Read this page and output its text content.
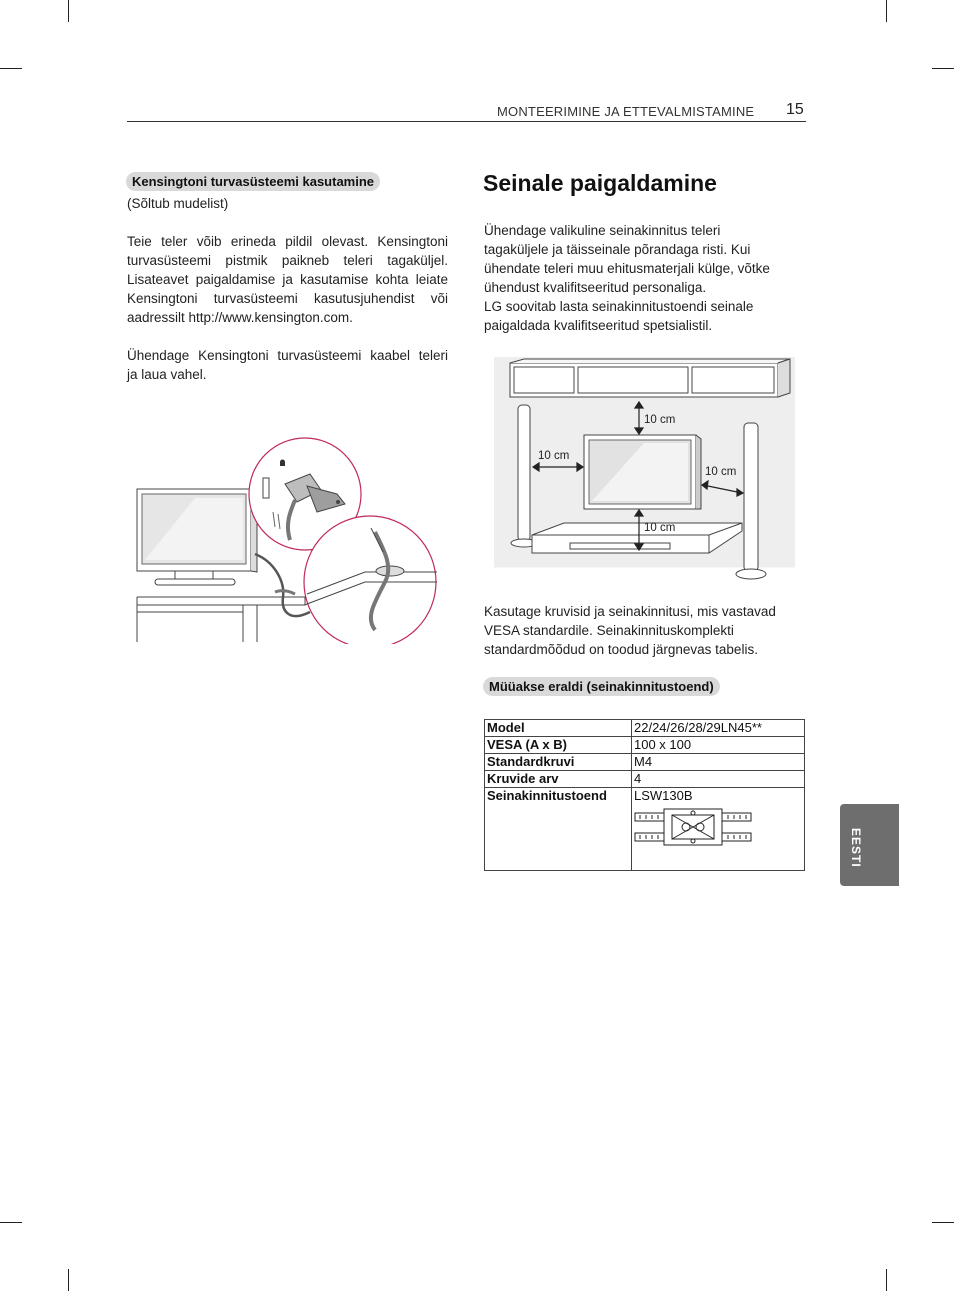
MONTEERIMINE JA ETTEVALMISTAMINE 15
Kensingtoni turvasüsteemi kasutamine
(Sõltub mudelist)
Teie teler võib erineda pildil olevast. Kensingtoni
turvasüsteemi pistmik paikneb teleri tagaküljel.
Lisateavet paigaldamise ja kasutamise kohta leiate
Kensingtoni turvasüsteemi kasutusjuhendist või
aadressilt http://www.kensington.com.
Ühendage Kensingtoni turvasüsteemi kaabel teleri
ja laua vahel.
Seinale paigaldamine
Ühendage valikuline seinakinnitus teleri
tagaküljele ja täisseinale põrandaga risti. Kui
ühendate teleri muu ehitusmaterjali külge, võtke
ühendust kvalifitseeritud personaliga.
LG soovitab lasta seinakinnitustoendi seinale
paigaldada kvalifitseeritud spetsialistil.
10 cm
10 cm
10 cm
10 cm
Kasutage kruvisid ja seinakinnitusi, mis vastavad
VESA standardile. Seinakinnituskomplekti
standardmõõdud on toodud järgnevas tabelis.
Müüakse eraldi (seinakinnitustoend)
Model	22/24/26/28/29LN45**
VESA (A x B)	100 x 100
Standardkruvi	M4
Kruvide arv	4
Seinakinnitustoend	LSW130B
EESTI
